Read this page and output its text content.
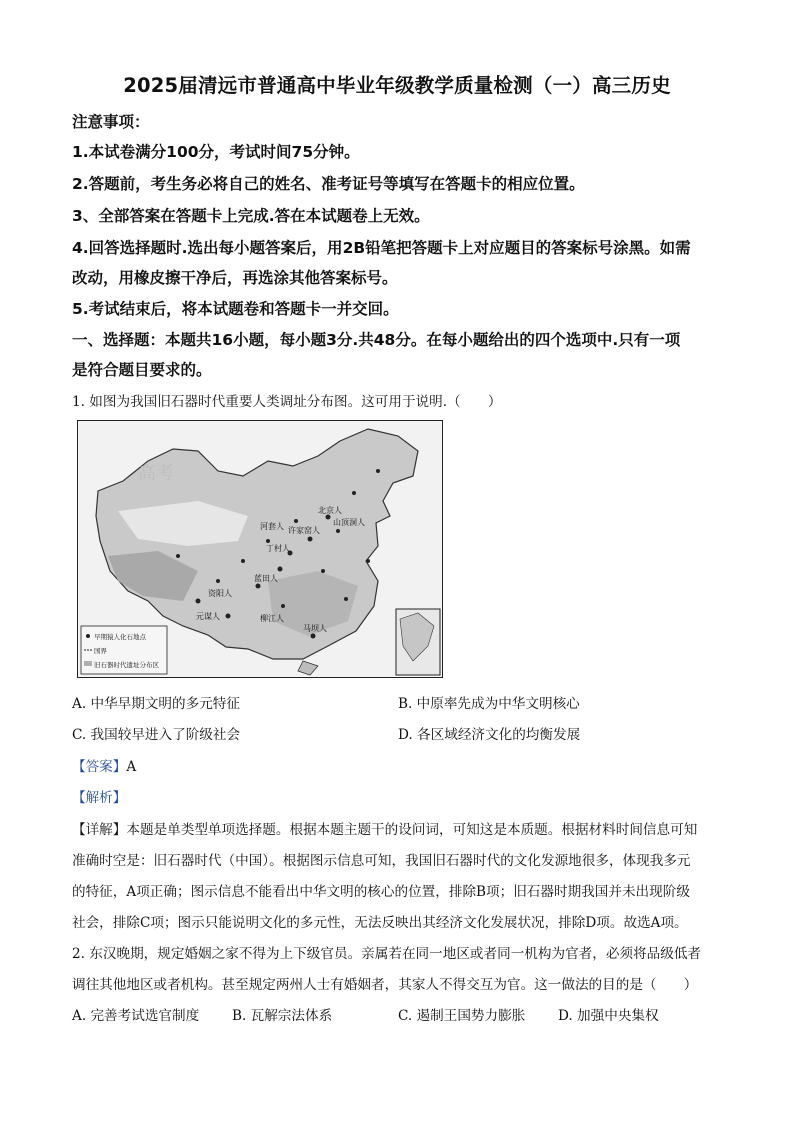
2025届清远市普通高中毕业年级教学质量检测（一）高三历史
注意事项：
1.本试卷满分100分，考试时间75分钟。
2.答题前，考生务必将自己的姓名、准考证号等填写在答题卡的相应位置。
3、全部答案在答题卡上完成.答在本试题卷上无效。
4.回答选择题时.选出每小题答案后，用2B铅笔把答题卡上对应题目的答案标号涂黑。如需
改动，用橡皮擦干净后，再选涂其他答案标号。
5.考试结束后，将本试题卷和答题卡一并交回。
一、选择题：本题共16小题，每小题3分.共48分。在每小题给出的四个选项中.只有一项
是符合题目要求的。
1. 如图为我国旧石器时代重要人类调址分布图。这可用于说明.（　　）
北京人
丁村人
蓝田人
元谋人
许家窑人
山顶洞人
马坝人
柳江人
资阳人
河套人
高考
早期猿人化石地点
国界
旧石器时代遗址分布区
A. 中华早期文明的多元特征	B. 中原率先成为中华文明核心
C. 我国较早进入了阶级社会	D. 各区域经济文化的均衡发展
【答案】A
【解析】
【详解】本题是单类型单项选择题。根据本题主题干的设问词，可知这是本质题。根据材料时间信息可知
准确时空是：旧石器时代（中国）。根据图示信息可知，我国旧石器时代的文化发源地很多，体现我多元
的特征，A项正确；图示信息不能看出中华文明的核心的位置，排除B项；旧石器时期我国并未出现阶级
社会，排除C项；图示只能说明文化的多元性，无法反映出其经济文化发展状况，排除D项。故选A项。
2. 东汉晚期，规定婚姻之家不得为上下级官员。亲属若在同一地区或者同一机构为官者，必须将品级低者
调往其他地区或者机构。甚至规定两州人士有婚姻者，其家人不得交互为官。这一做法的目的是（　　）
A. 完善考试选官制度 B. 瓦解宗法体系	C. 遏制王国势力膨胀 D. 加强中央集权
